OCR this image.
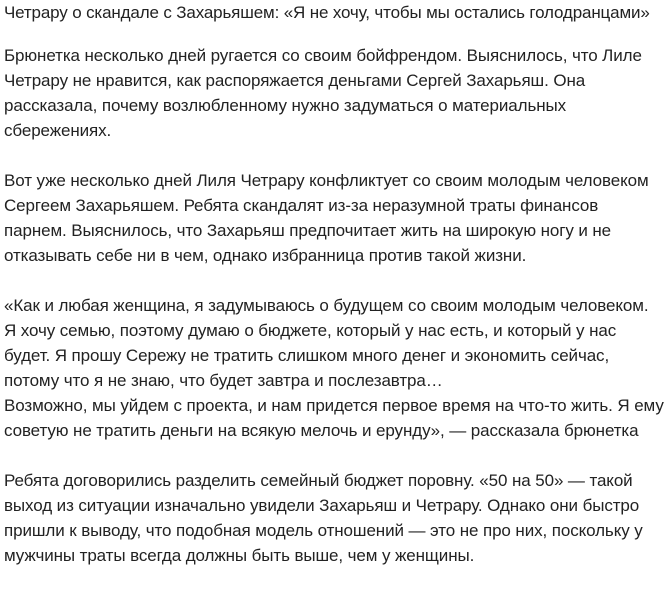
Четрару о скандале с Захарьяшем: «Я не хочу, чтобы мы остались голодранцами»

Брюнетка несколько дней ругается со своим бойфрендом. Выяснилось, что Лиле Четрару не нравится, как распоряжается деньгами Сергей Захарьяш. Она рассказала, почему возлюбленному нужно задуматься о материальных сбережениях.

Вот уже несколько дней Лиля Четрару конфликтует со своим молодым человеком Сергеем Захарьяшем. Ребята скандалят из-за неразумной траты финансов парнем. Выяснилось, что Захарьяш предпочитает жить на широкую ногу и не отказывать себе ни в чем, однако избранница против такой жизни.

«Как и любая женщина, я задумываюсь о будущем со своим молодым человеком. Я хочу семью, поэтому думаю о бюджете, который у нас есть, и который у нас будет. Я прошу Сережу не тратить слишком много денег и экономить сейчас, потому что я не знаю, что будет завтра и послезавтра…

Возможно, мы уйдем с проекта, и нам придется первое время на что-то жить. Я ему советую не тратить деньги на всякую мелочь и ерунду», — рассказала брюнетка

Ребята договорились разделить семейный бюджет поровну. «50 на 50» — такой выход из ситуации изначально увидели Захарьяш и Четрару. Однако они быстро пришли к выводу, что подобная модель отношений — это не про них, поскольку у мужчины траты всегда должны быть выше, чем у женщины.
